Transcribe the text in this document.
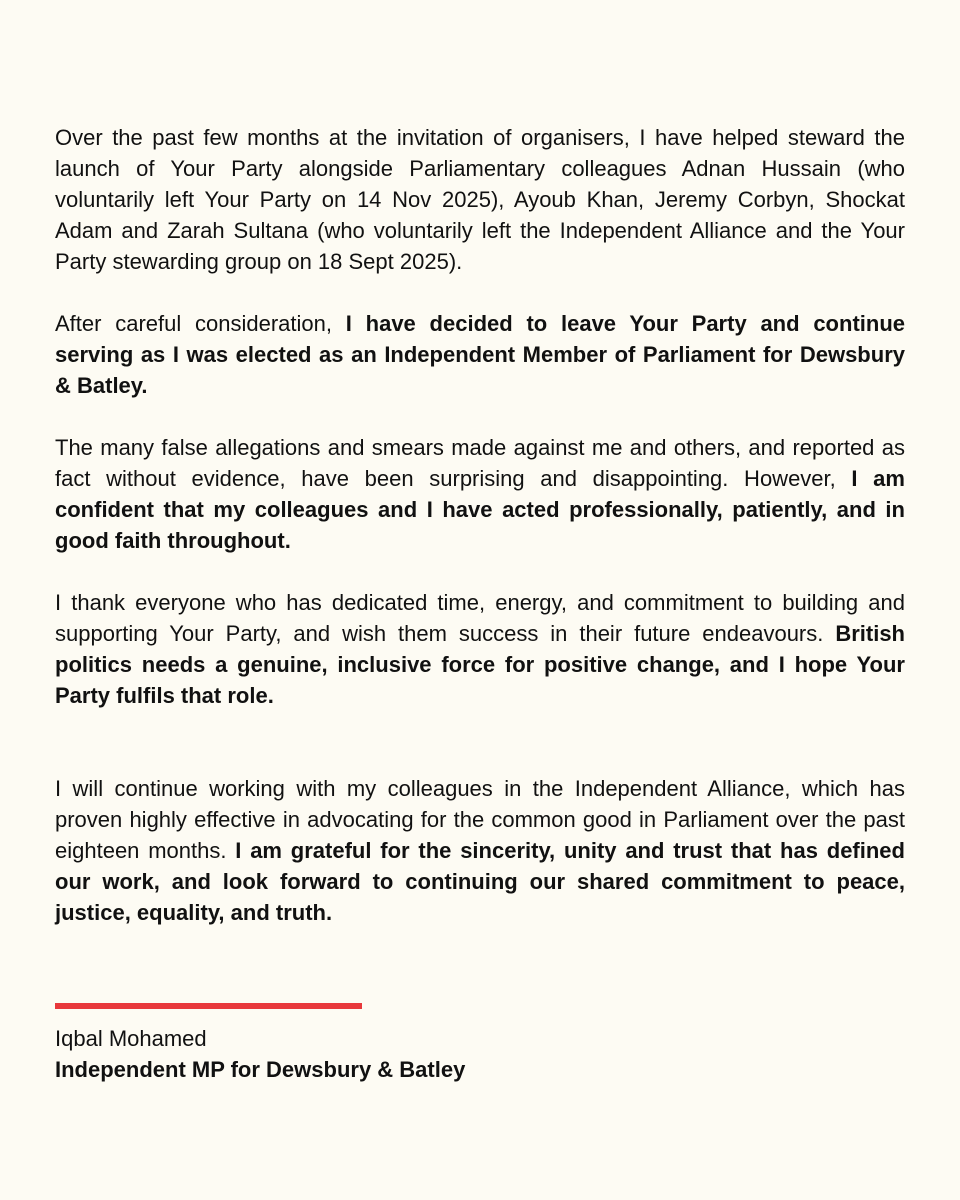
Over the past few months at the invitation of organisers, I have helped steward the launch of Your Party alongside Parliamentary colleagues Adnan Hussain (who voluntarily left Your Party on 14 Nov 2025), Ayoub Khan, Jeremy Corbyn, Shockat Adam and Zarah Sultana (who voluntarily left the Independent Alliance and the Your Party stewarding group on 18 Sept 2025).

After careful consideration, I have decided to leave Your Party and continue serving as I was elected as an Independent Member of Parliament for Dewsbury & Batley.

The many false allegations and smears made against me and others, and reported as fact without evidence, have been surprising and disappointing. However, I am confident that my colleagues and I have acted professionally, patiently, and in good faith throughout.

I thank everyone who has dedicated time, energy, and commitment to building and supporting Your Party, and wish them success in their future endeavours. British politics needs a genuine, inclusive force for positive change, and I hope Your Party fulfils that role.

I will continue working with my colleagues in the Independent Alliance, which has proven highly effective in advocating for the common good in Parliament over the past eighteen months. I am grateful for the sincerity, unity and trust that has defined our work, and look forward to continuing our shared commitment to peace, justice, equality, and truth.

Iqbal Mohamed
Independent MP for Dewsbury & Batley
